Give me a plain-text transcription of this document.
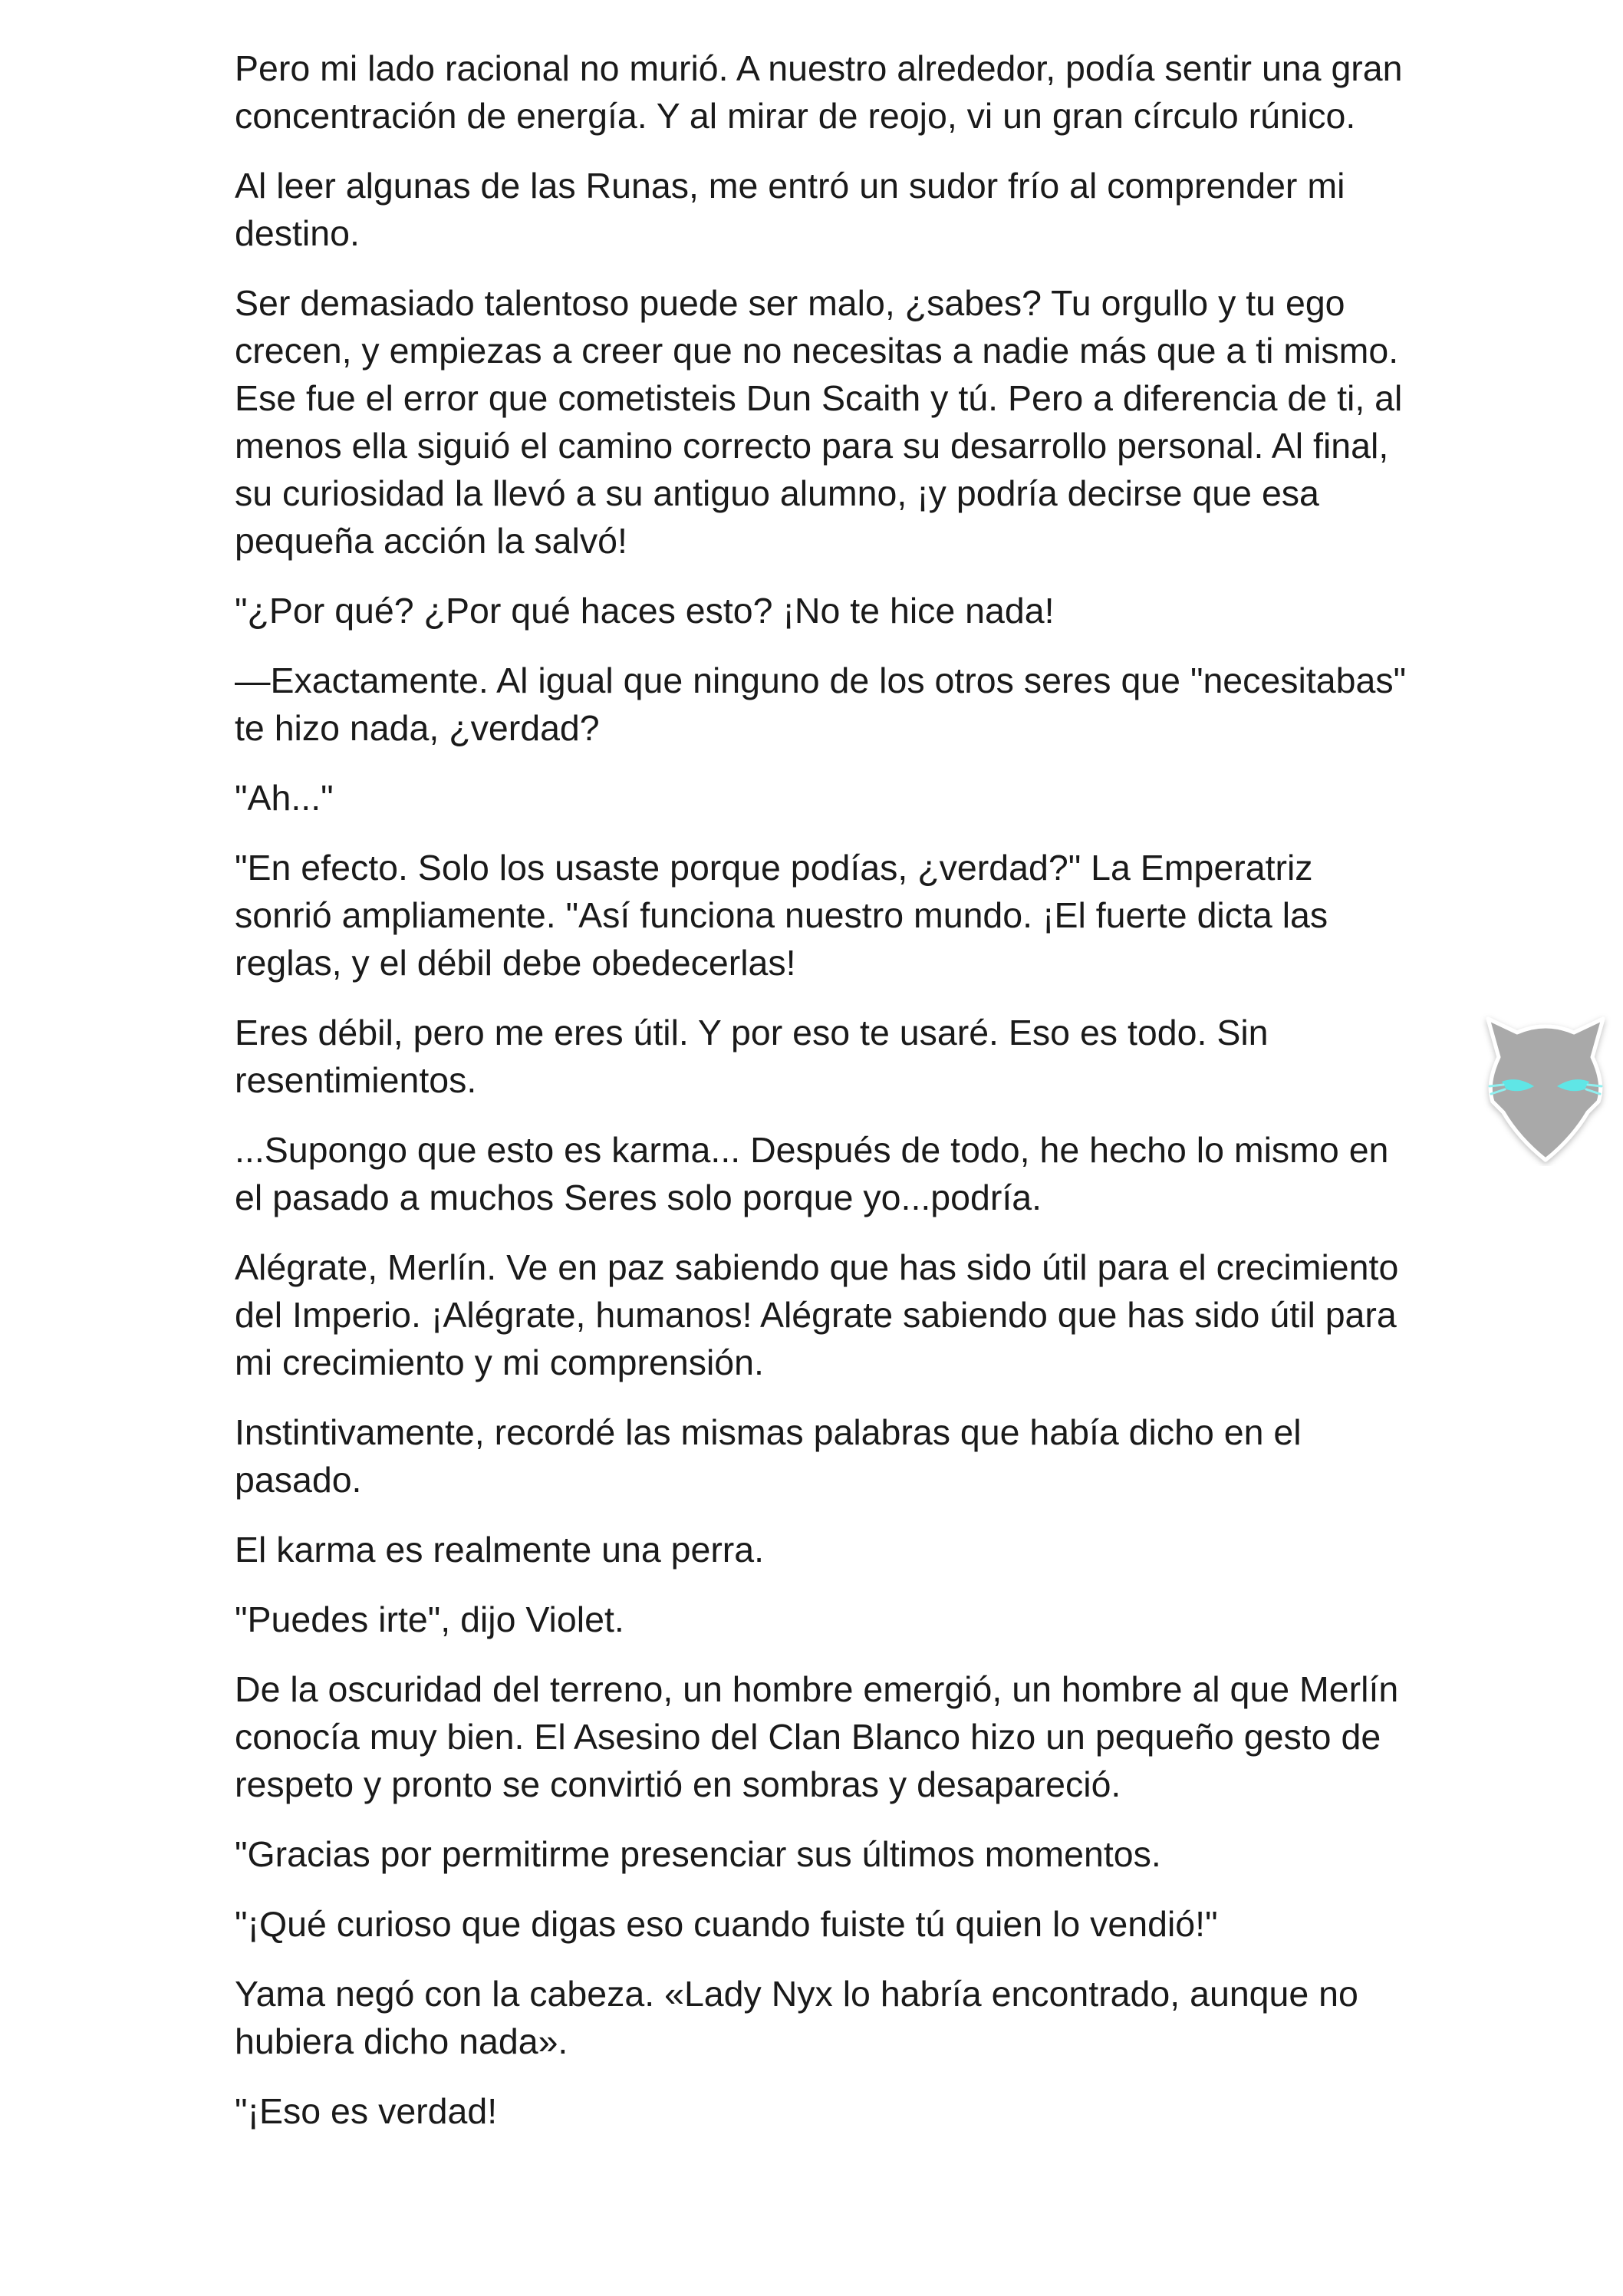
Pero mi lado racional no murió. A nuestro alrededor, podía sentir una gran concentración de energía. Y al mirar de reojo, vi un gran círculo rúnico.

Al leer algunas de las Runas, me entró un sudor frío al comprender mi destino.

Ser demasiado talentoso puede ser malo, ¿sabes? Tu orgullo y tu ego crecen, y empiezas a creer que no necesitas a nadie más que a ti mismo. Ese fue el error que cometisteis Dun Scaith y tú. Pero a diferencia de ti, al menos ella siguió el camino correcto para su desarrollo personal. Al final, su curiosidad la llevó a su antiguo alumno, ¡y podría decirse que esa pequeña acción la salvó!

"¿Por qué? ¿Por qué haces esto? ¡No te hice nada!

—Exactamente. Al igual que ninguno de los otros seres que "necesitabas" te hizo nada, ¿verdad?

"Ah..."

"En efecto. Solo los usaste porque podías, ¿verdad?" La Emperatriz sonrió ampliamente. "Así funciona nuestro mundo. ¡El fuerte dicta las reglas, y el débil debe obedecerlas!

Eres débil, pero me eres útil. Y por eso te usaré. Eso es todo. Sin resentimientos.

...Supongo que esto es karma... Después de todo, he hecho lo mismo en el pasado a muchos Seres solo porque yo...podría.

Alégrate, Merlín. Ve en paz sabiendo que has sido útil para el crecimiento del Imperio. ¡Alégrate, humanos! Alégrate sabiendo que has sido útil para mi crecimiento y mi comprensión.

Instintivamente, recordé las mismas palabras que había dicho en el pasado.

El karma es realmente una perra.

"Puedes irte", dijo Violet.

De la oscuridad del terreno, un hombre emergió, un hombre al que Merlín conocía muy bien. El Asesino del Clan Blanco hizo un pequeño gesto de respeto y pronto se convirtió en sombras y desapareció.

"Gracias por permitirme presenciar sus últimos momentos.

"¡Qué curioso que digas eso cuando fuiste tú quien lo vendió!"

Yama negó con la cabeza. «Lady Nyx lo habría encontrado, aunque no hubiera dicho nada».

"¡Eso es verdad!
